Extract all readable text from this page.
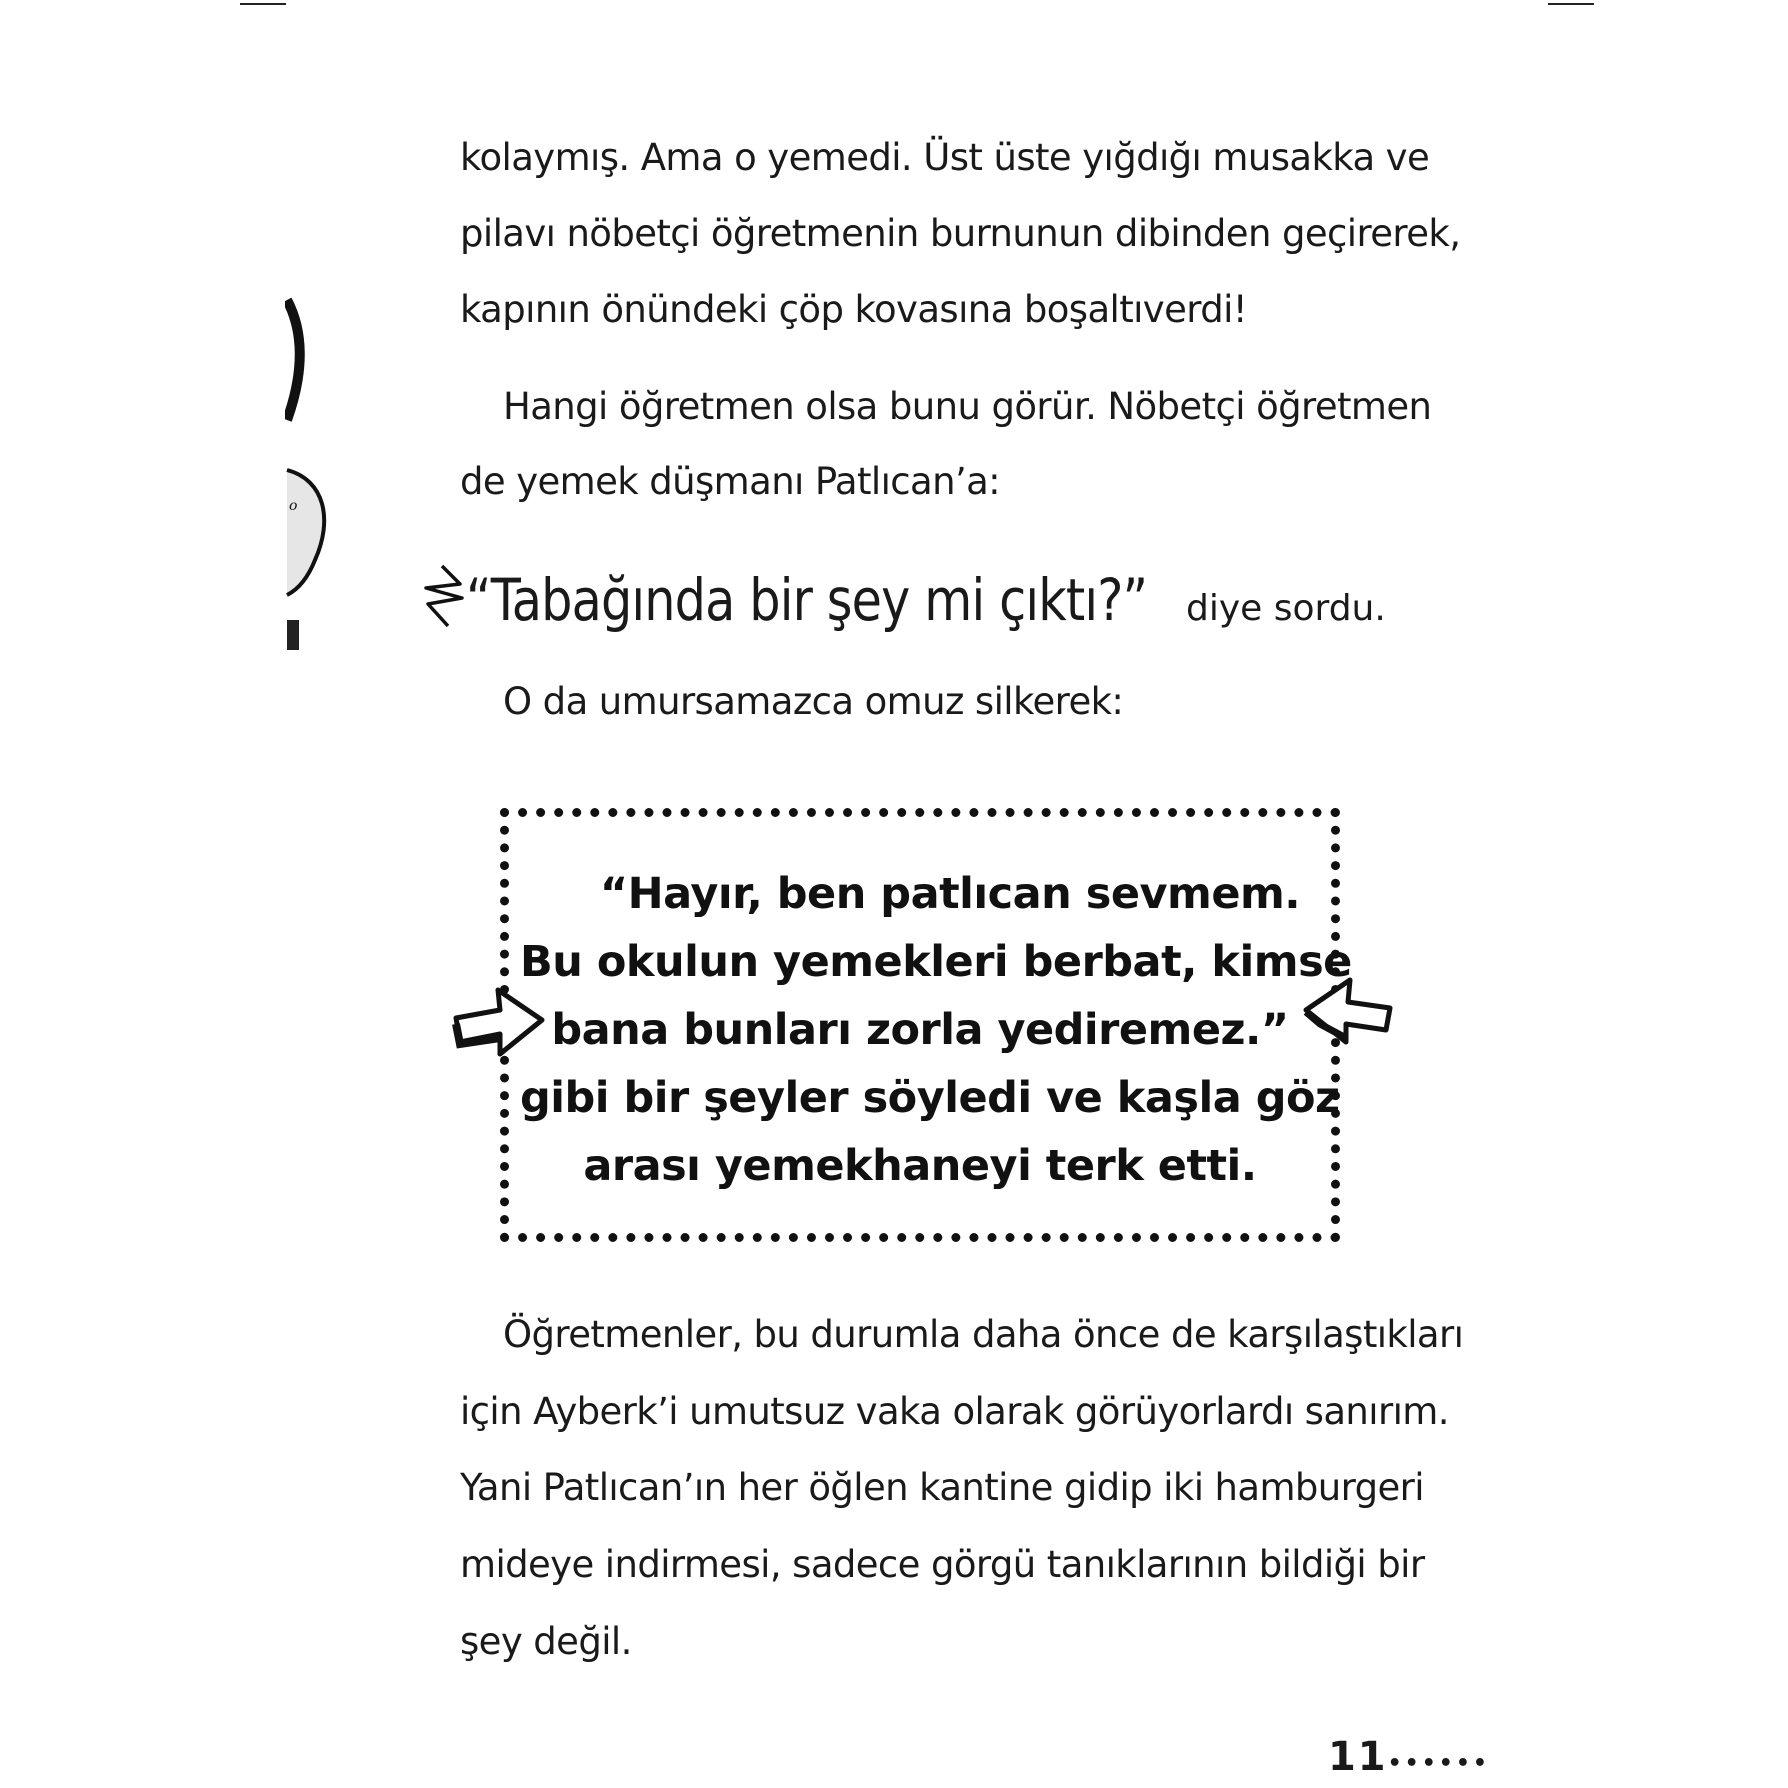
o
kolaymış. Ama o yemedi. Üst üste yığdığı musakka ve
pilavı nöbetçi öğretmenin burnunun dibinden geçirerek,
kapının önündeki çöp kovasına boşaltıverdi!
Hangi öğretmen olsa bunu görür. Nöbetçi öğretmen
de yemek düşmanı Patlıcan’a:
“Tabağında bir şey mi çıktı?” diye sordu.
O da umursamazca omuz silkerek:
“Hayır, ben patlıcan sevmem.
Bu okulun yemekleri berbat, kimse
bana bunları zorla yediremez.”
gibi bir şeyler söyledi ve kaşla göz
arası yemekhaneyi terk etti.
Öğretmenler, bu durumla daha önce de karşılaştıkları
için Ayberk’i umutsuz vaka olarak görüyorlardı sanırım.
Yani Patlıcan’ın her öğlen kantine gidip iki hamburgeri
mideye indirmesi, sadece görgü tanıklarının bildiği bir
şey değil.
11••••••
